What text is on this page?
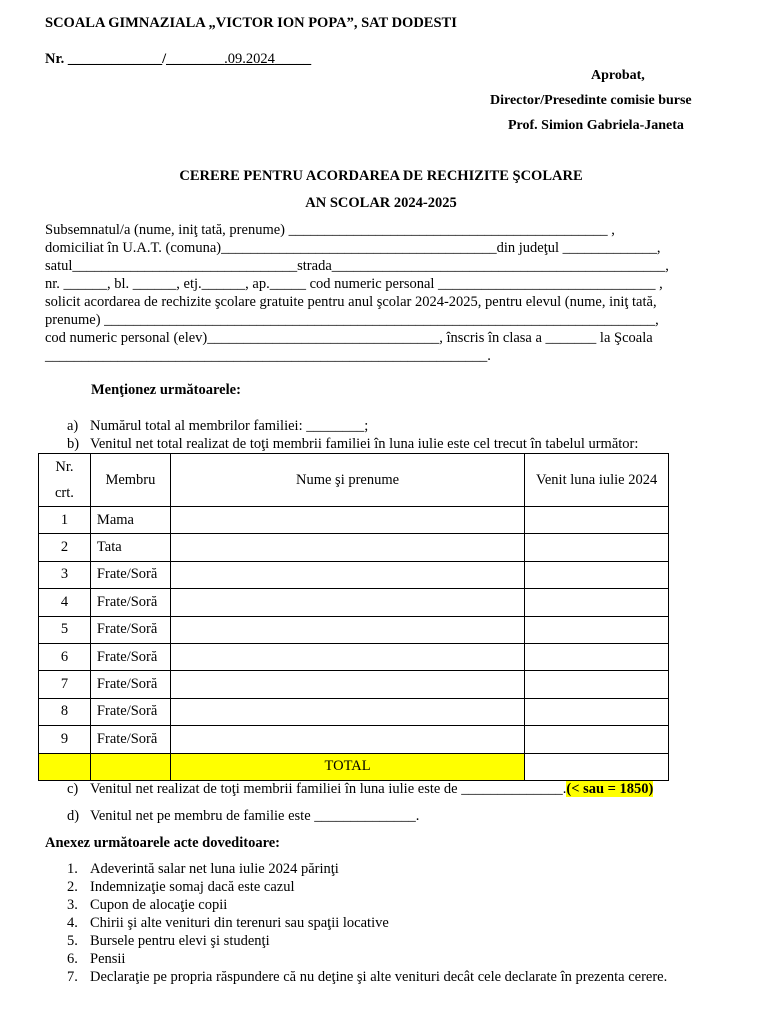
SCOALA GIMNAZIALA „VICTOR ION POPA”, SAT DODESTI
Nr. _____________/________.09.2024_____
Aprobat,
Director/Presedinte comisie burse
Prof. Simion Gabriela-Janeta
CERERE PENTRU ACORDAREA DE RECHIZITE ŞCOLARE
AN SCOLAR 2024-2025
Subsemnatul/a (nume, iniţ tată, prenume) ____________________________________________ ,
domiciliat în U.A.T. (comuna)______________________________________din judeţul _____________,
satul_______________________________strada______________________________________________,
nr. ______, bl. ______, etj.______, ap._____ cod numeric personal ______________________________ ,
solicit acordarea de rechizite şcolare gratuite pentru anul şcolar 2024-2025, pentru elevul (nume, iniţ tată,
prenume) ____________________________________________________________________________,
cod numeric personal (elev)________________________________, înscris în clasa a _______ la Şcoala
_____________________________________________________________.
Menţionez următoarele:
a) Numărul total al membrilor familiei: ________;
b) Venitul net total realizat de toţi membrii familiei în luna iulie este cel trecut în tabelul următor:
Nr.
crt.	Membru	Nume şi prenume	Venit luna iulie 2024
1	Mama		
2	Tata		
3	Frate/Soră		
4	Frate/Soră		
5	Frate/Soră		
6	Frate/Soră		
7	Frate/Soră		
8	Frate/Soră		
9	Frate/Soră		
		TOTAL	
c) Venitul net realizat de toţi membrii familiei în luna iulie este de ______________.(< sau = 1850)
d) Venitul net pe membru de familie este ______________.
Anexez următoarele acte doveditoare:
1. Adeverintă salar net luna iulie 2024 părinţi
2. Indemnizaţie somaj dacă este cazul
3. Cupon de alocaţie copii
4. Chirii şi alte venituri din terenuri sau spaţii locative
5. Bursele pentru elevi şi studenţi
6. Pensii
7. Declaraţie pe propria răspundere că nu deţine şi alte venituri decât cele declarate în prezenta cerere.
